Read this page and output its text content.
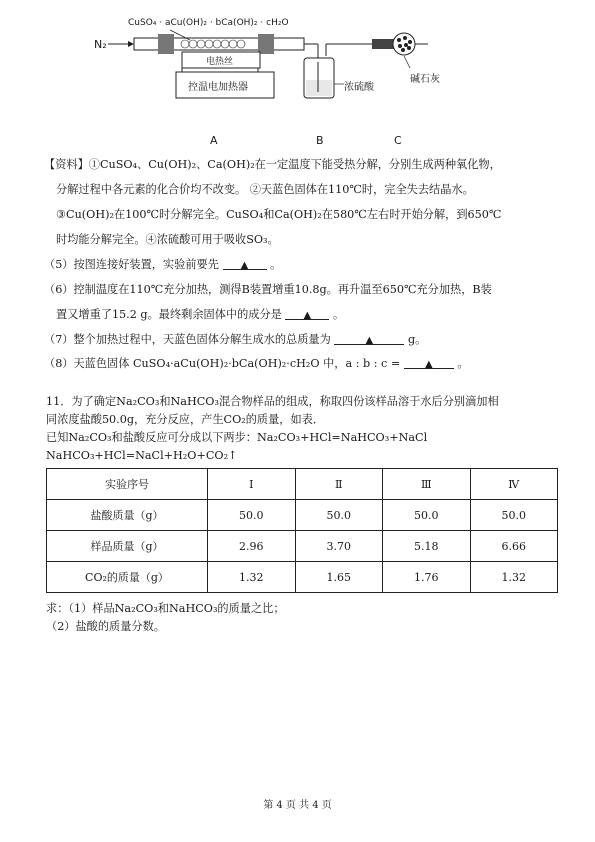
CuSO₄ · aCu(OH)₂ · bCa(OH)₂ · cH₂O
N₂
电热丝
控温电加热器	浓硫酸
碱石灰
A	B	C
【资料】①CuSO₄、Cu(OH)₂、Ca(OH)₂在一定温度下能受热分解，分别生成两种氧化物，
分解过程中各元素的化合价均不改变。 ②天蓝色固体在110℃时，完全失去结晶水。
③Cu(OH)₂在100℃时分解完全。CuSO₄和Ca(OH)₂在580℃左右时开始分解，到650℃
时均能分解完全。④浓硫酸可用于吸收SO₃。
（5）按图连接好装置，实验前要先 ▲ 。
（6）控制温度在110℃充分加热，测得B装置增重10.8g。再升温至650℃充分加热，B装
置又增重了15.2 g。最终剩余固体中的成分是 ▲ 。
（7）整个加热过程中，天蓝色固体分解生成水的总质量为	▲	g。
（8）天蓝色固体 CuSO₄·aCu(OH)₂·bCa(OH)₂·cH₂O 中，a : b : c = ▲ 。
11．为了确定Na₂CO₃和NaHCO₃混合物样品的组成，称取四份该样品溶于水后分别滴加相
同浓度盐酸50.0g，充分反应，产生CO₂的质量，如表．
已知Na₂CO₃和盐酸反应可分成以下两步：Na₂CO₃+HCl=NaHCO₃+NaCl
NaHCO₃+HCl=NaCl+H₂O+CO₂↑
实验序号	Ⅰ	Ⅱ	Ⅲ	Ⅳ
盐酸质量（g）	50.0	50.0	50.0	50.0
样品质量（g）	2.96	3.70	5.18	6.66
CO₂的质量（g）	1.32	1.65	1.76	1.32
求：（1）样品Na₂CO₃和NaHCO₃的质量之比；
（2）盐酸的质量分数。
第 4 页 共 4 页
